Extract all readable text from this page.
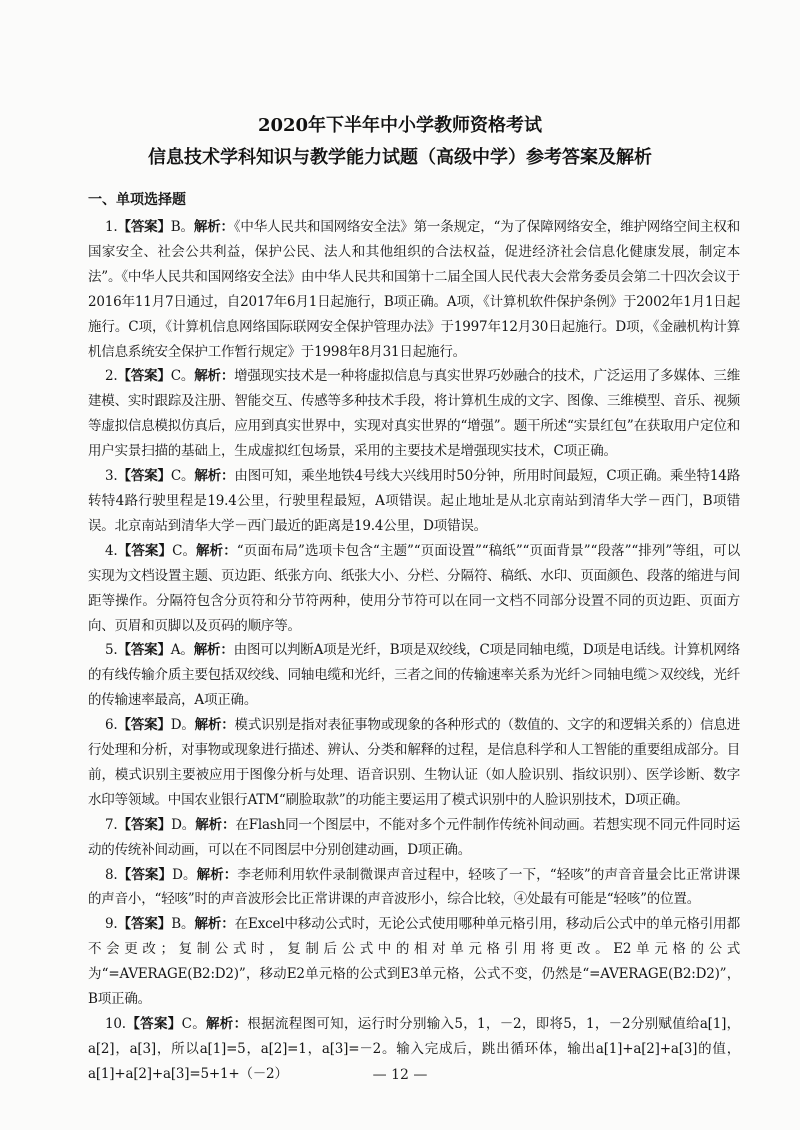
2020年下半年中小学教师资格考试
信息技术学科知识与教学能力试题（高级中学）参考答案及解析
一、单项选择题

1.【答案】B。解析：《中华人民共和国网络安全法》第一条规定，“为了保障网络安全，维护网络空间主权和国家安全、社会公共利益，保护公民、法人和其他组织的合法权益，促进经济社会信息化健康发展，制定本法”。《中华人民共和国网络安全法》由中华人民共和国第十二届全国人民代表大会常务委员会第二十四次会议于2016年11月7日通过，自2017年6月1日起施行，B项正确。A项，《计算机软件保护条例》于2002年1月1日起施行。C项，《计算机信息网络国际联网安全保护管理办法》于1997年12月30日起施行。D项，《金融机构计算机信息系统安全保护工作暂行规定》于1998年8月31日起施行。

2.【答案】C。解析：增强现实技术是一种将虚拟信息与真实世界巧妙融合的技术，广泛运用了多媒体、三维建模、实时跟踪及注册、智能交互、传感等多种技术手段，将计算机生成的文字、图像、三维模型、音乐、视频等虚拟信息模拟仿真后，应用到真实世界中，实现对真实世界的“增强”。题干所述“实景红包”在获取用户定位和用户实景扫描的基础上，生成虚拟红包场景，采用的主要技术是增强现实技术，C项正确。

3.【答案】C。解析：由图可知，乘坐地铁4号线大兴线用时50分钟，所用时间最短，C项正确。乘坐特14路转特4路行驶里程是19.4公里，行驶里程最短，A项错误。起止地址是从北京南站到清华大学－西门，B项错误。北京南站到清华大学－西门最近的距离是19.4公里，D项错误。

4.【答案】C。解析：“页面布局”选项卡包含“主题”“页面设置”“稿纸”“页面背景”“段落”“排列”等组，可以实现为文档设置主题、页边距、纸张方向、纸张大小、分栏、分隔符、稿纸、水印、页面颜色、段落的缩进与间距等操作。分隔符包含分页符和分节符两种，使用分节符可以在同一文档不同部分设置不同的页边距、页面方向、页眉和页脚以及页码的顺序等。

5.【答案】A。解析：由图可以判断A项是光纤，B项是双绞线，C项是同轴电缆，D项是电话线。计算机网络的有线传输介质主要包括双绞线、同轴电缆和光纤，三者之间的传输速率关系为光纤＞同轴电缆＞双绞线，光纤的传输速率最高，A项正确。

6.【答案】D。解析：模式识别是指对表征事物或现象的各种形式的（数值的、文字的和逻辑关系的）信息进行处理和分析，对事物或现象进行描述、辨认、分类和解释的过程，是信息科学和人工智能的重要组成部分。目前，模式识别主要被应用于图像分析与处理、语音识别、生物认证（如人脸识别、指纹识别）、医学诊断、数字水印等领域。中国农业银行ATM“刷脸取款”的功能主要运用了模式识别中的人脸识别技术，D项正确。

7.【答案】D。解析：在Flash同一个图层中，不能对多个元件制作传统补间动画。若想实现不同元件同时运动的传统补间动画，可以在不同图层中分别创建动画，D项正确。

8.【答案】D。解析：李老师利用软件录制微课声音过程中，轻咳了一下，“轻咳”的声音音量会比正常讲课的声音小，“轻咳”时的声音波形会比正常讲课的声音波形小，综合比较，④处最有可能是“轻咳”的位置。

9.【答案】B。解析：在Excel中移动公式时，无论公式使用哪种单元格引用，移动后公式中的单元格引用都不会更改；复制公式时，复制后公式中的相对单元格引用将更改。E2单元格的公式为“=AVERAGE(B2:D2)”，移动E2单元格的公式到E3单元格，公式不变，仍然是“=AVERAGE(B2:D2)”，B项正确。

10.【答案】C。解析：根据流程图可知，运行时分别输入5，1，－2，即将5，1，－2分别赋值给a[1]，a[2]，a[3]，所以a[1]=5，a[2]=1，a[3]=－2。输入完成后，跳出循环体，输出a[1]+a[2]+a[3]的值，a[1]+a[2]+a[3]=5+1+（－2）	— 12 —
